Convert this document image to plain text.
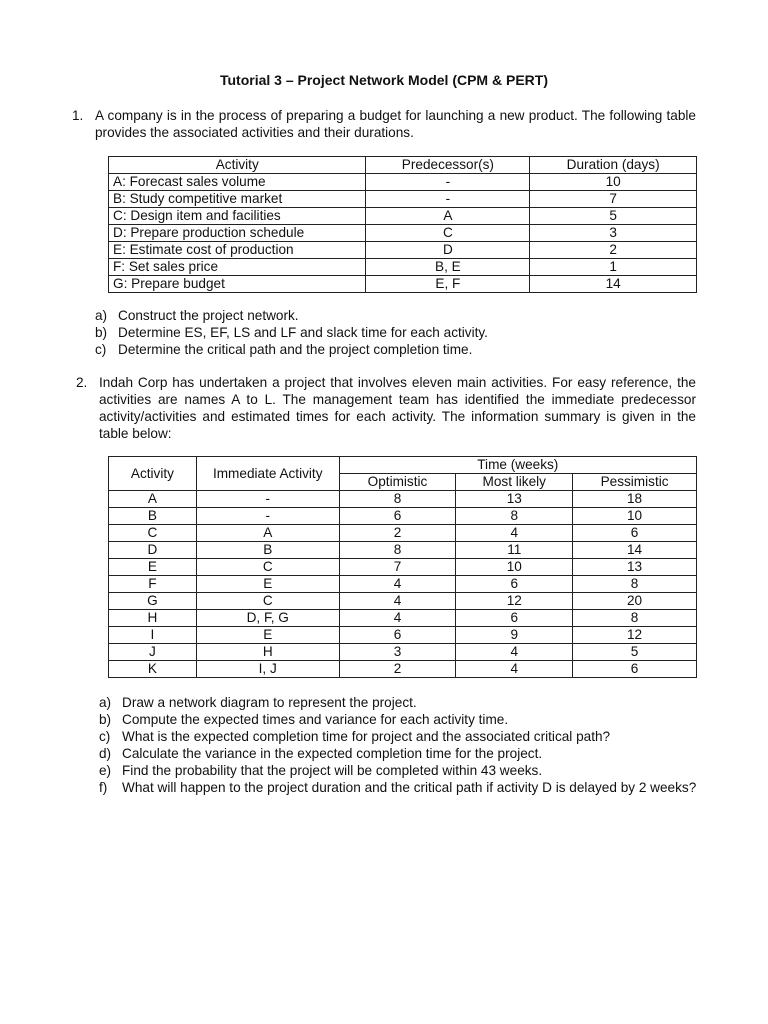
Tutorial 3 – Project Network Model (CPM & PERT)
1. A company is in the process of preparing a budget for launching a new product. The following table provides the associated activities and their durations.
Activity	Predecessor(s)	Duration (days)
A: Forecast sales volume	-	10
B: Study competitive market	-	7
C: Design item and facilities	A	5
D: Prepare production schedule	C	3
E: Estimate cost of production	D	2
F: Set sales price	B, E	1
G: Prepare budget	E, F	14
a) Construct the project network.
b) Determine ES, EF, LS and LF and slack time for each activity.
c) Determine the critical path and the project completion time.
2. Indah Corp has undertaken a project that involves eleven main activities. For easy reference, the activities are names A to L. The management team has identified the immediate predecessor activity/activities and estimated times for each activity. The information summary is given in the table below:
Activity	Immediate Activity	Time (weeks)		
		Optimistic	Most likely	Pessimistic
A	-	8	13	18
B	-	6	8	10
C	A	2	4	6
D	B	8	11	14
E	C	7	10	13
F	E	4	6	8
G	C	4	12	20
H	D, F, G	4	6	8
I	E	6	9	12
J	H	3	4	5
K	I, J	2	4	6
a) Draw a network diagram to represent the project.
b) Compute the expected times and variance for each activity time.
c) What is the expected completion time for project and the associated critical path?
d) Calculate the variance in the expected completion time for the project.
e) Find the probability that the project will be completed within 43 weeks.
f) What will happen to the project duration and the critical path if activity D is delayed by 2 weeks?
